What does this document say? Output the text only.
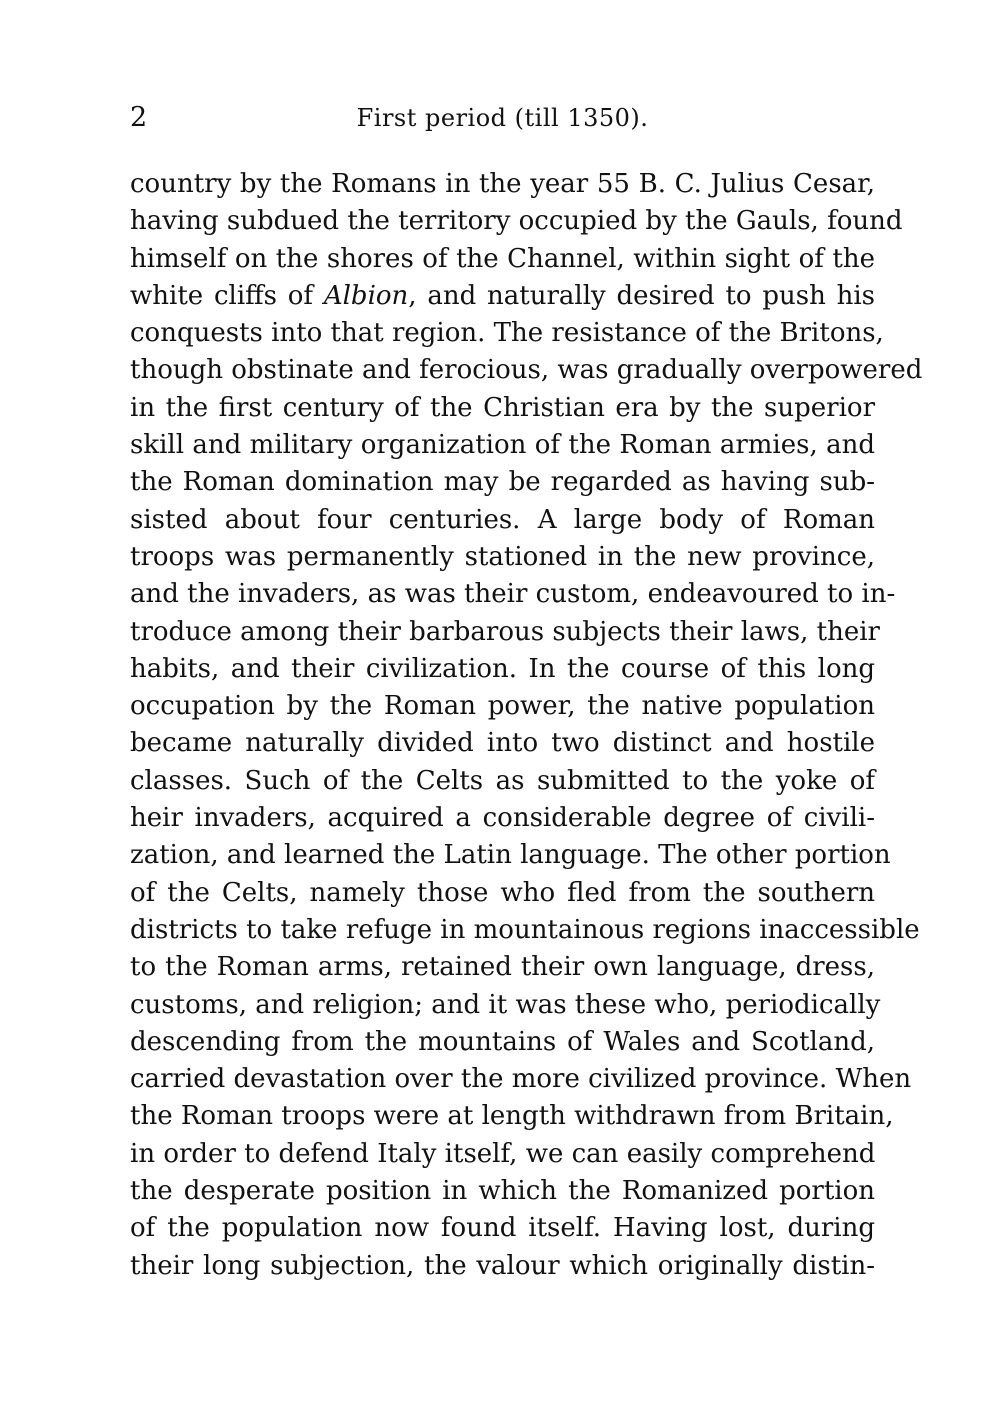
2	First period (till 1350).
country by the Romans in the year 55 B. C. Julius Cesar,
having subdued the territory occupied by the Gauls, found
himself on the shores of the Channel, within sight of the
white cliffs of Albion, and naturally desired to push his
conquests into that region. The resistance of the Britons,
though obstinate and ferocious, was gradually overpowered
in the first century of the Christian era by the superior
skill and military organization of the Roman armies, and
the Roman domination may be regarded as having sub-
sisted about four centuries. A large body of Roman
troops was permanently stationed in the new province,
and the invaders, as was their custom, endeavoured to in-
troduce among their barbarous subjects their laws, their
habits, and their civilization. In the course of this long
occupation by the Roman power, the native population
became naturally divided into two distinct and hostile
classes. Such of the Celts as submitted to the yoke of
heir invaders, acquired a considerable degree of civili-
zation, and learned the Latin language. The other portion
of the Celts, namely those who fled from the southern
districts to take refuge in mountainous regions inaccessible
to the Roman arms, retained their own language, dress,
customs, and religion; and it was these who, periodically
descending from the mountains of Wales and Scotland,
carried devastation over the more civilized province. When
the Roman troops were at length withdrawn from Britain,
in order to defend Italy itself, we can easily comprehend
the desperate position in which the Romanized portion
of the population now found itself. Having lost, during
their long subjection, the valour which originally distin-
